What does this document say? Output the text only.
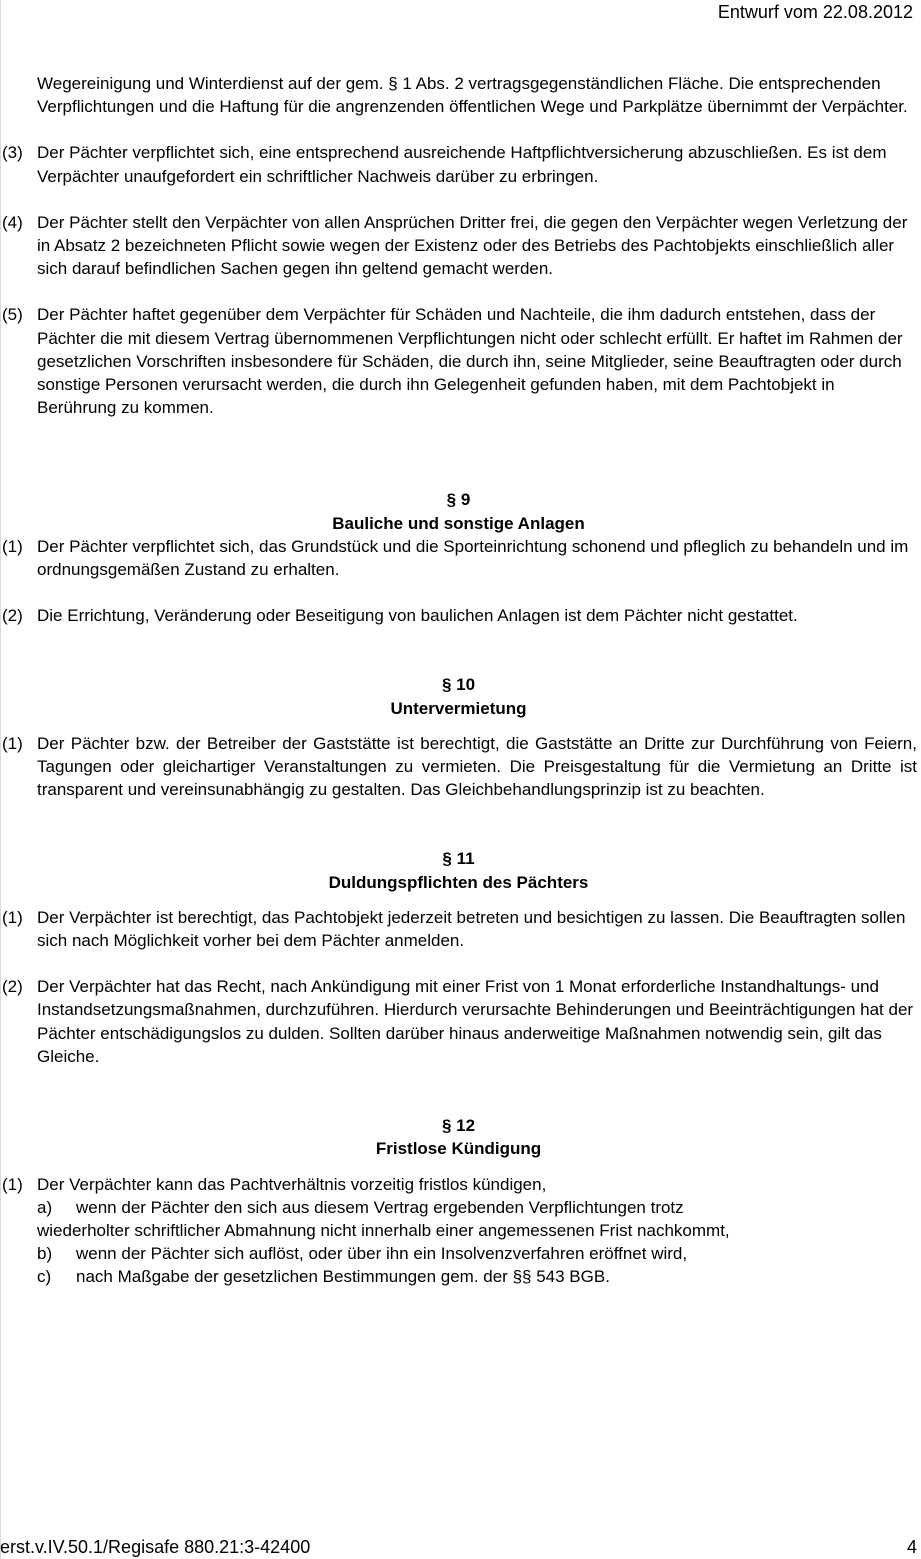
Entwurf vom 22.08.2012

Wegereinigung und Winterdienst auf der gem. § 1 Abs. 2 vertragsgegenständlichen Fläche. Die entsprechenden Verpflichtungen und die Haftung für die angrenzenden öffentlichen Wege und Parkplätze übernimmt der Verpächter.

(3) Der Pächter verpflichtet sich, eine entsprechend ausreichende Haftpflichtversicherung abzuschließen. Es ist dem Verpächter unaufgefordert ein schriftlicher Nachweis darüber zu erbringen.

(4) Der Pächter stellt den Verpächter von allen Ansprüchen Dritter frei, die gegen den Verpächter wegen Verletzung der in Absatz 2 bezeichneten Pflicht sowie wegen der Existenz oder des Betriebs des Pachtobjekts einschließlich aller sich darauf befindlichen Sachen gegen ihn geltend gemacht werden.

(5) Der Pächter haftet gegenüber dem Verpächter für Schäden und Nachteile, die ihm dadurch entstehen, dass der Pächter die mit diesem Vertrag übernommenen Verpflichtungen nicht oder schlecht erfüllt. Er haftet im Rahmen der gesetzlichen Vorschriften insbesondere für Schäden, die durch ihn, seine Mitglieder, seine Beauftragten oder durch sonstige Personen verursacht werden, die durch ihn Gelegenheit gefunden haben, mit dem Pachtobjekt in Berührung zu kommen.

§ 9
Bauliche und sonstige Anlagen

(1) Der Pächter verpflichtet sich, das Grundstück und die Sporteinrichtung schonend und pfleglich zu behandeln und im ordnungsgemäßen Zustand zu erhalten.

(2) Die Errichtung, Veränderung oder Beseitigung von baulichen Anlagen ist dem Pächter nicht gestattet.

§ 10
Untervermietung

(1) Der Pächter bzw. der Betreiber der Gaststätte ist berechtigt, die Gaststätte an Dritte zur Durchführung von Feiern, Tagungen oder gleichartiger Veranstaltungen zu vermieten. Die Preisgestaltung für die Vermietung an Dritte ist transparent und vereinsunabhängig zu gestalten. Das Gleichbehandlungsprinzip ist zu beachten.

§ 11
Duldungspflichten des Pächters

(1) Der Verpächter ist berechtigt, das Pachtobjekt jederzeit betreten und besichtigen zu lassen. Die Beauftragten sollen sich nach Möglichkeit vorher bei dem Pächter anmelden.

(2) Der Verpächter hat das Recht, nach Ankündigung mit einer Frist von 1 Monat erforderliche Instandhaltungs- und Instandsetzungsmaßnahmen, durchzuführen. Hierdurch verursachte Behinderungen und Beeinträchtigungen hat der Pächter entschädigungslos zu dulden. Sollten darüber hinaus anderweitige Maßnahmen notwendig sein, gilt das Gleiche.

§ 12
Fristlose Kündigung

(1) Der Verpächter kann das Pachtverhältnis vorzeitig fristlos kündigen,

a) wenn der Pächter den sich aus diesem Vertrag ergebenden Verpflichtungen trotz

wiederholter schriftlicher Abmahnung nicht innerhalb einer angemessenen Frist nachkommt,

b) wenn der Pächter sich auflöst, oder über ihn ein Insolvenzverfahren eröffnet wird,
c) nach Maßgabe der gesetzlichen Bestimmungen gem. der §§ 543 BGB.
erst.v.IV.50.1/Regisafe 880.21:3-42400	4
